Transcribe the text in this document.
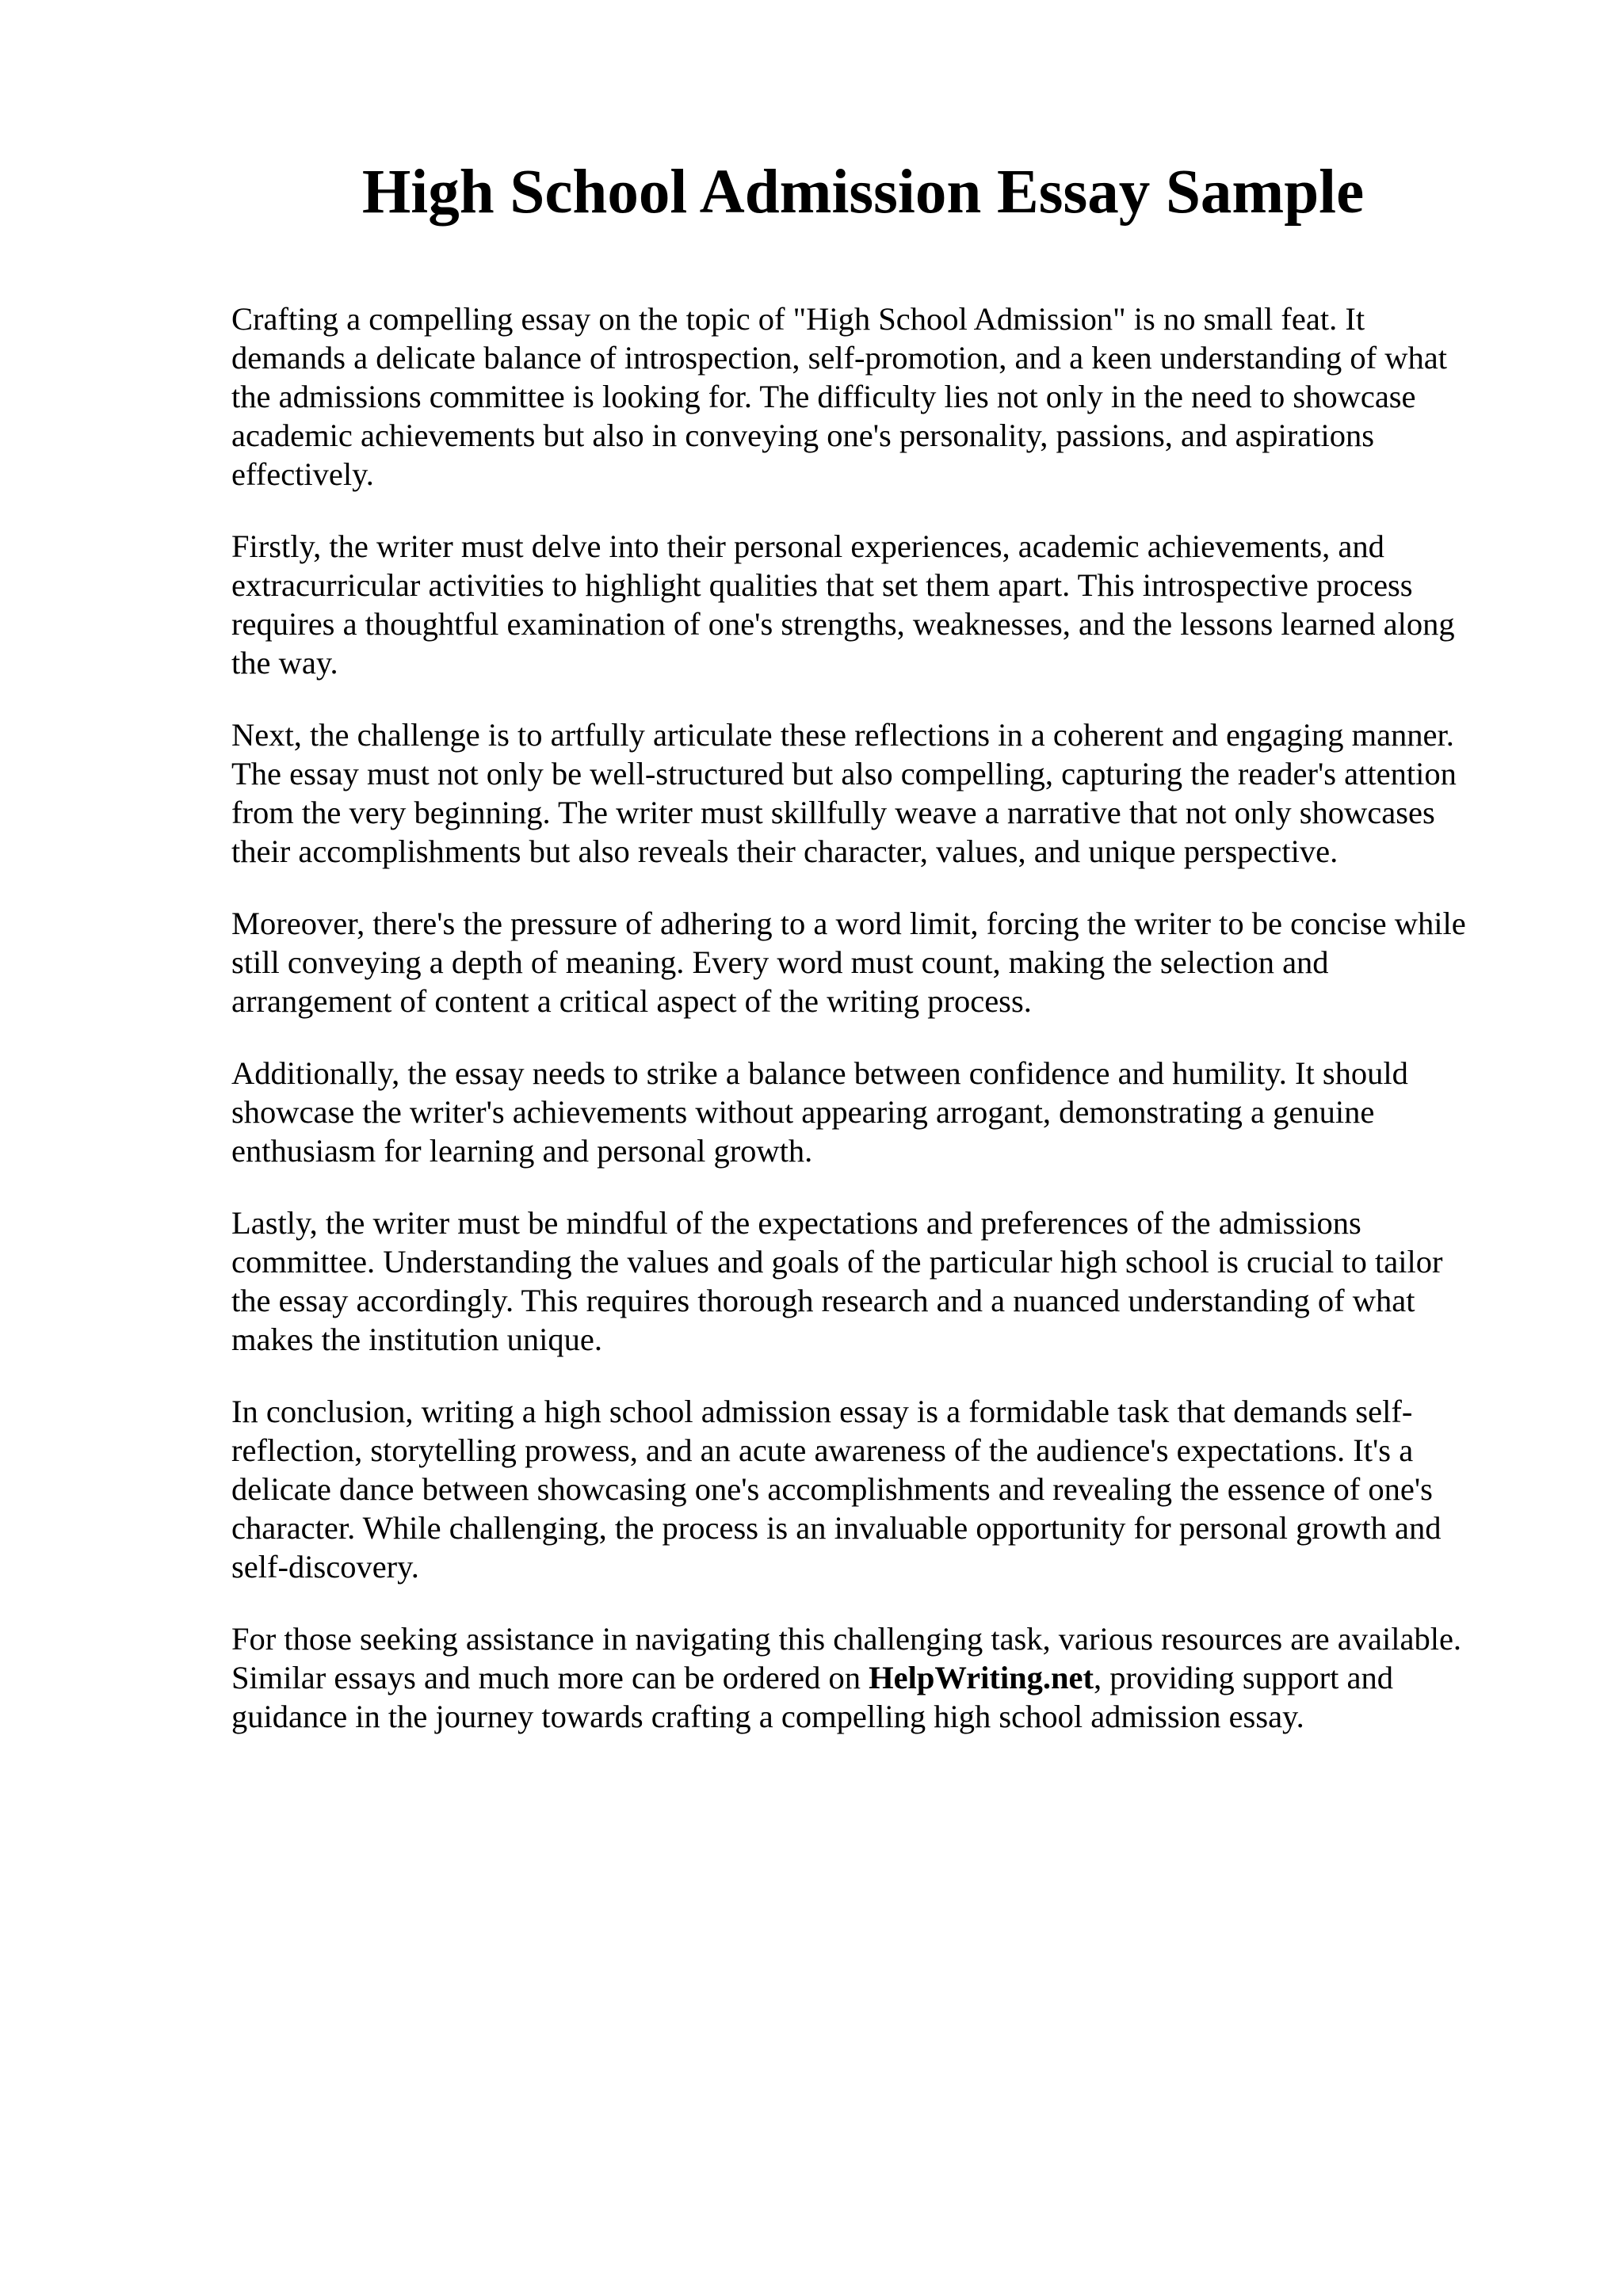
High School Admission Essay Sample

Crafting a compelling essay on the topic of "High School Admission" is no small feat. It
demands a delicate balance of introspection, self-promotion, and a keen understanding of what
the admissions committee is looking for. The difficulty lies not only in the need to showcase
academic achievements but also in conveying one's personality, passions, and aspirations
effectively.

Firstly, the writer must delve into their personal experiences, academic achievements, and
extracurricular activities to highlight qualities that set them apart. This introspective process
requires a thoughtful examination of one's strengths, weaknesses, and the lessons learned along
the way.

Next, the challenge is to artfully articulate these reflections in a coherent and engaging manner.
The essay must not only be well-structured but also compelling, capturing the reader's attention
from the very beginning. The writer must skillfully weave a narrative that not only showcases
their accomplishments but also reveals their character, values, and unique perspective.

Moreover, there's the pressure of adhering to a word limit, forcing the writer to be concise while
still conveying a depth of meaning. Every word must count, making the selection and
arrangement of content a critical aspect of the writing process.

Additionally, the essay needs to strike a balance between confidence and humility. It should
showcase the writer's achievements without appearing arrogant, demonstrating a genuine
enthusiasm for learning and personal growth.

Lastly, the writer must be mindful of the expectations and preferences of the admissions
committee. Understanding the values and goals of the particular high school is crucial to tailor
the essay accordingly. This requires thorough research and a nuanced understanding of what
makes the institution unique.

In conclusion, writing a high school admission essay is a formidable task that demands self-
reflection, storytelling prowess, and an acute awareness of the audience's expectations. It's a
delicate dance between showcasing one's accomplishments and revealing the essence of one's
character. While challenging, the process is an invaluable opportunity for personal growth and
self-discovery.

For those seeking assistance in navigating this challenging task, various resources are available.
Similar essays and much more can be ordered on HelpWriting.net, providing support and
guidance in the journey towards crafting a compelling high school admission essay.
